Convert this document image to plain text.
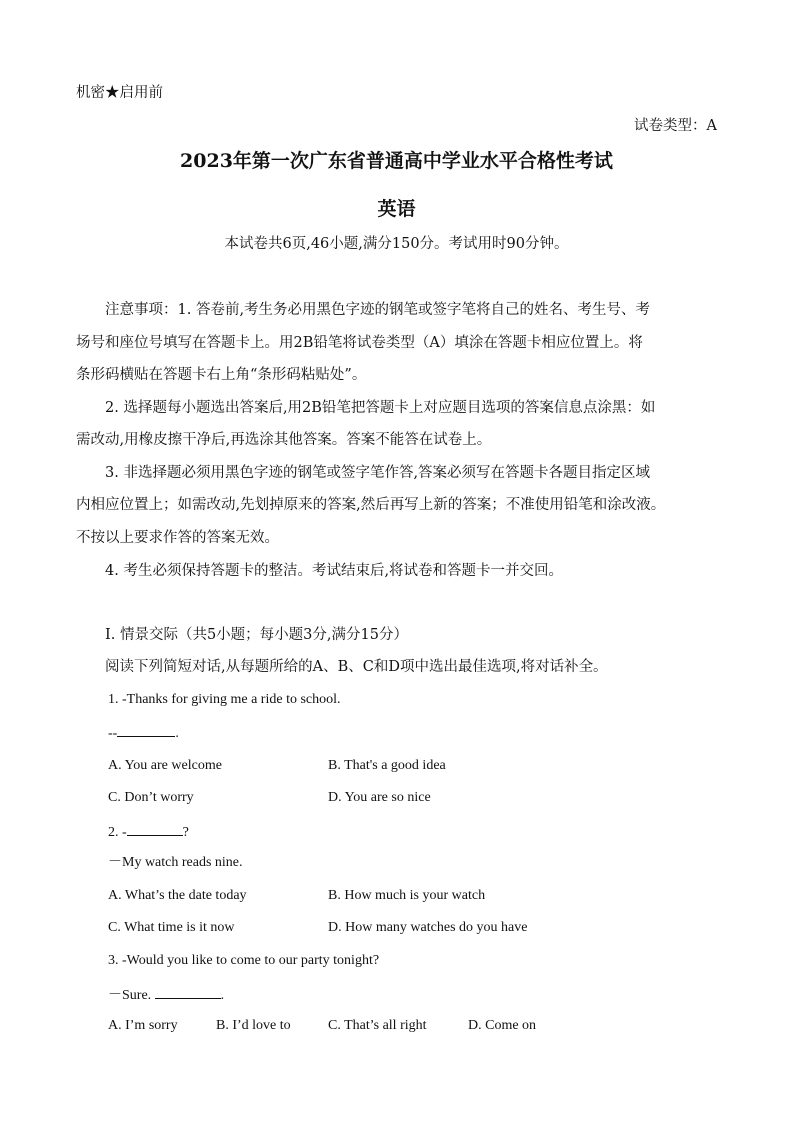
机密★启用前
试卷类型：A
2023年第一次广东省普通高中学业水平合格性考试
英语
本试卷共6页,46小题,满分150分。考试用时90分钟。
注意事项：1. 答卷前,考生务必用黑色字迹的钢笔或签字笔将自己的姓名、考生号、考
场号和座位号填写在答题卡上。用2B铅笔将试卷类型（A）填涂在答题卡相应位置上。将
条形码横贴在答题卡右上角“条形码粘贴处”。
2. 选择题每小题选出答案后,用2B铅笔把答题卡上对应题目选项的答案信息点涂黑：如
需改动,用橡皮擦干净后,再选涂其他答案。答案不能答在试卷上。
3. 非选择题必须用黑色字迹的钢笔或签字笔作答,答案必须写在答题卡各题目指定区域
内相应位置上；如需改动,先划掉原来的答案,然后再写上新的答案；不准使用铅笔和涂改液。
不按以上要求作答的答案无效。
4. 考生必须保持答题卡的整洁。考试结束后,将试卷和答题卡一并交回。
I. 情景交际（共5小题；每小题3分,满分15分）
阅读下列简短对话,从每题所给的A、B、C和D项中选出最佳选项,将对话补全。
1. -Thanks for giving me a ride to school.
--	.
A. You are welcome	B. That's a good idea
C. Don’t worry	D. You are so nice
2. -	?
－My watch reads nine.
A. What’s the date today	B. How much is your watch
C. What time is it now	D. How many watches do you have
3. -Would you like to come to our party tonight?
－Sure.	.
A. I’m sorry	B. I’d love to	C. That’s all right	D. Come on
